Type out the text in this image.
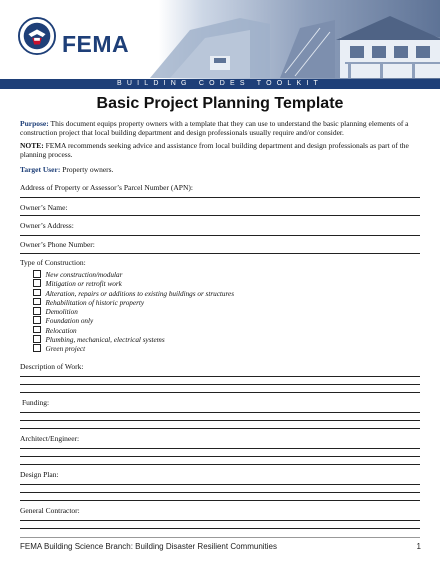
FEMA
BUILDING CODES TOOLKIT
Basic Project Planning Template

Purpose: This document equips property owners with a template that they can use to understand the basic planning elements of a construction project that local building department and design professionals usually require and/or consider.

NOTE: FEMA recommends seeking advice and assistance from local building department and design professionals as part of the planning process.

Target User: Property owners.

Address of Property or Assessor’s Parcel Number (APN):
Owner’s Name:
Owner’s Address:
Owner’s Phone Number:
Type of Construction:
New construction/modular
Mitigation or retrofit work
Alteration, repairs or additions to existing buildings or structures
Rehabilitation of historic property
Demolition
Foundation only
Relocation
Plumbing, mechanical, electrical systems
Green project
Description of Work:
Funding:
Architect/Engineer:
Design Plan:
General Contractor:
FEMA Building Science Branch: Building Disaster Resilient Communities	1
